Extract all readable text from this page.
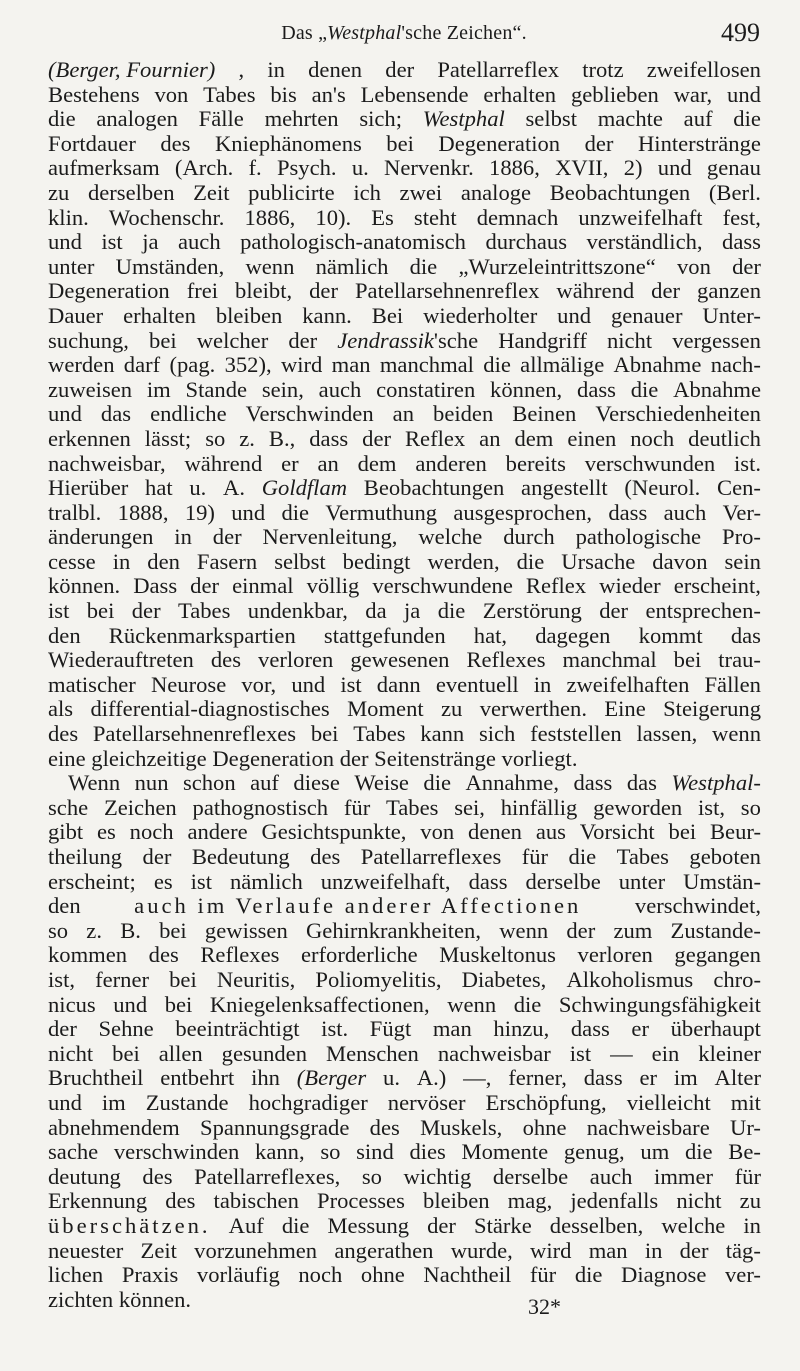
Das „Westphal'sche Zeichen“.	499
(Berger, Fournier) , in denen der Patellarreflex trotz zweifellosen
Bestehens von Tabes bis an's Lebensende erhalten geblieben war, und
die analogen Fälle mehrten sich; Westphal selbst machte auf die
Fortdauer des Kniephänomens bei Degeneration der Hinterstränge
aufmerksam (Arch. f. Psych. u. Nervenkr. 1886, XVII, 2) und genau
zu derselben Zeit publicirte ich zwei analoge Beobachtungen (Berl.
klin. Wochenschr. 1886, 10). Es steht demnach unzweifelhaft fest,
und ist ja auch pathologisch-anatomisch durchaus verständlich, dass
unter Umständen, wenn nämlich die „Wurzeleintrittszone“ von der
Degeneration frei bleibt, der Patellarsehnenreflex während der ganzen
Dauer erhalten bleiben kann. Bei wiederholter und genauer Unter-
suchung, bei welcher der Jendrassik'sche Handgriff nicht vergessen
werden darf (pag. 352), wird man manchmal die allmälige Abnahme nach-
zuweisen im Stande sein, auch constatiren können, dass die Abnahme
und das endliche Verschwinden an beiden Beinen Verschiedenheiten
erkennen lässt; so z. B., dass der Reflex an dem einen noch deutlich
nachweisbar, während er an dem anderen bereits verschwunden ist.
Hierüber hat u. A. Goldflam Beobachtungen angestellt (Neurol. Cen-
tralbl. 1888, 19) und die Vermuthung ausgesprochen, dass auch Ver-
änderungen in der Nervenleitung, welche durch pathologische Pro-
cesse in den Fasern selbst bedingt werden, die Ursache davon sein
können. Dass der einmal völlig verschwundene Reflex wieder erscheint,
ist bei der Tabes undenkbar, da ja die Zerstörung der entsprechen-
den Rückenmarkspartien stattgefunden hat, dagegen kommt das
Wiederauftreten des verloren gewesenen Reflexes manchmal bei trau-
matischer Neurose vor, und ist dann eventuell in zweifelhaften Fällen
als differential-diagnostisches Moment zu verwerthen. Eine Steigerung
des Patellarsehnenreflexes bei Tabes kann sich feststellen lassen, wenn
eine gleichzeitige Degeneration der Seitenstränge vorliegt.
Wenn nun schon auf diese Weise die Annahme, dass das Westphal-
sche Zeichen pathognostisch für Tabes sei, hinfällig geworden ist, so
gibt es noch andere Gesichtspunkte, von denen aus Vorsicht bei Beur-
theilung der Bedeutung des Patellarreflexes für die Tabes geboten
erscheint; es ist nämlich unzweifelhaft, dass derselbe unter Umstän-
den auch im Verlaufe anderer Affectionen verschwindet,
so z. B. bei gewissen Gehirnkrankheiten, wenn der zum Zustande-
kommen des Reflexes erforderliche Muskeltonus verloren gegangen
ist, ferner bei Neuritis, Poliomyelitis, Diabetes, Alkoholismus chro-
nicus und bei Kniegelenksaffectionen, wenn die Schwingungsfähigkeit
der Sehne beeinträchtigt ist. Fügt man hinzu, dass er überhaupt
nicht bei allen gesunden Menschen nachweisbar ist — ein kleiner
Bruchtheil entbehrt ihn (Berger u. A.) —, ferner, dass er im Alter
und im Zustande hochgradiger nervöser Erschöpfung, vielleicht mit
abnehmendem Spannungsgrade des Muskels, ohne nachweisbare Ur-
sache verschwinden kann, so sind dies Momente genug, um die Be-
deutung des Patellarreflexes, so wichtig derselbe auch immer für
Erkennung des tabischen Processes bleiben mag, jedenfalls nicht zu
überschätzen. Auf die Messung der Stärke desselben, welche in
neuester Zeit vorzunehmen angerathen wurde, wird man in der täg-
lichen Praxis vorläufig noch ohne Nachtheil für die Diagnose ver-
zichten können.	32*
